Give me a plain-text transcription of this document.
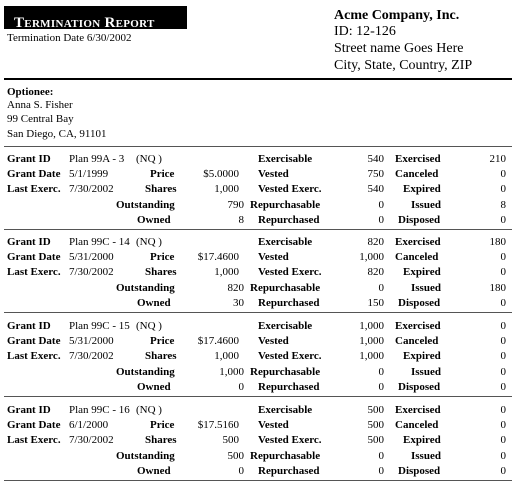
Termination Report
Termination Date 6/30/2002
Acme Company, Inc.
ID: 12-126
Street name Goes Here
City, State, Country, ZIP
Optionee:
Anna S. Fisher
99 Central Bay
San Diego, CA, 91101
Grant ID Plan 99A - 3 (NQ )	Exercisable	540 Exercised	210
Grant Date 5/1/1999	Price	$5.0000 Vested	750 Canceled	0
Last Exerc. 7/30/2002	Shares	1,000 Vested Exerc.	540 Expired	0
Outstanding	790 Repurchasable	0 Issued	8
Owned	8 Repurchased	0 Disposed	0
Grant ID Plan 99C - 14 (NQ )	Exercisable	820 Exercised	180
Grant Date 5/31/2000	Price	$17.4600 Vested	1,000 Canceled	0
Last Exerc. 7/30/2002	Shares	1,000 Vested Exerc.	820 Expired	0
Outstanding	820 Repurchasable	0 Issued	180
Owned	30 Repurchased	150 Disposed	0
Grant ID Plan 99C - 15 (NQ )	Exercisable	1,000 Exercised	0
Grant Date 5/31/2000	Price	$17.4600 Vested	1,000 Canceled	0
Last Exerc. 7/30/2002	Shares	1,000 Vested Exerc.	1,000 Expired	0
Outstanding	1,000 Repurchasable	0 Issued	0
Owned	0 Repurchased	0 Disposed	0
Grant ID Plan 99C - 16 (NQ )	Exercisable	500 Exercised	0
Grant Date 6/1/2000	Price	$17.5160 Vested	500 Canceled	0
Last Exerc. 7/30/2002	Shares	500 Vested Exerc.	500 Expired	0
Outstanding	500 Repurchasable	0 Issued	0
Owned	0 Repurchased	0 Disposed	0
